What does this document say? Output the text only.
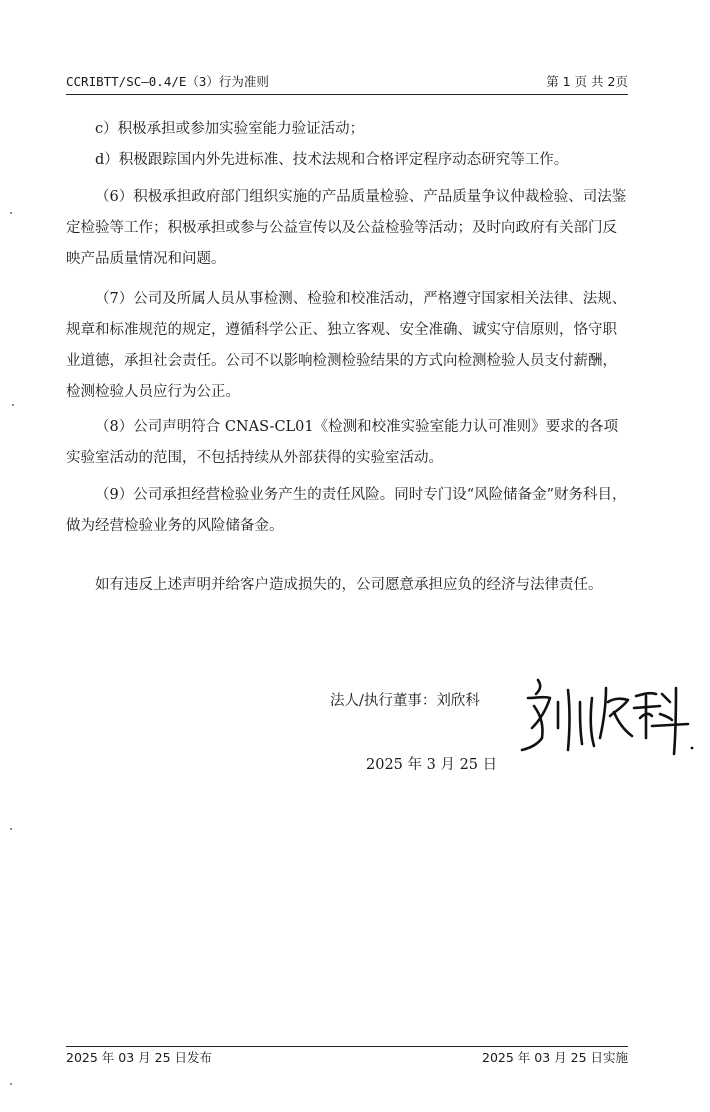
CCRIBTT/SC—0.4/E（3）行为准则	第 1 页 共 2页

c）积极承担或参加实验室能力验证活动；

d）积极跟踪国内外先进标准、技术法规和合格评定程序动态研究等工作。

（6）积极承担政府部门组织实施的产品质量检验、产品质量争议仲裁检验、司法鉴定检验等工作；积极承担或参与公益宣传以及公益检验等活动；及时向政府有关部门反映产品质量情况和问题。

（7）公司及所属人员从事检测、检验和校准活动，严格遵守国家相关法律、法规、规章和标准规范的规定，遵循科学公正、独立客观、安全准确、诚实守信原则，恪守职业道德，承担社会责任。公司不以影响检测检验结果的方式向检测检验人员支付薪酬，检测检验人员应行为公正。

（8）公司声明符合 CNAS-CL01《检测和校准实验室能力认可准则》要求的各项实验室活动的范围，不包括持续从外部获得的实验室活动。

（9）公司承担经营检验业务产生的责任风险。同时专门设“风险储备金”财务科目，做为经营检验业务的风险储备金。

如有违反上述声明并给客户造成损失的，公司愿意承担应负的经济与法律责任。

法人/执行董事：刘欣科
2025 年 3 月 25 日
2025 年 03 月 25 日发布	2025 年 03 月 25 日实施
